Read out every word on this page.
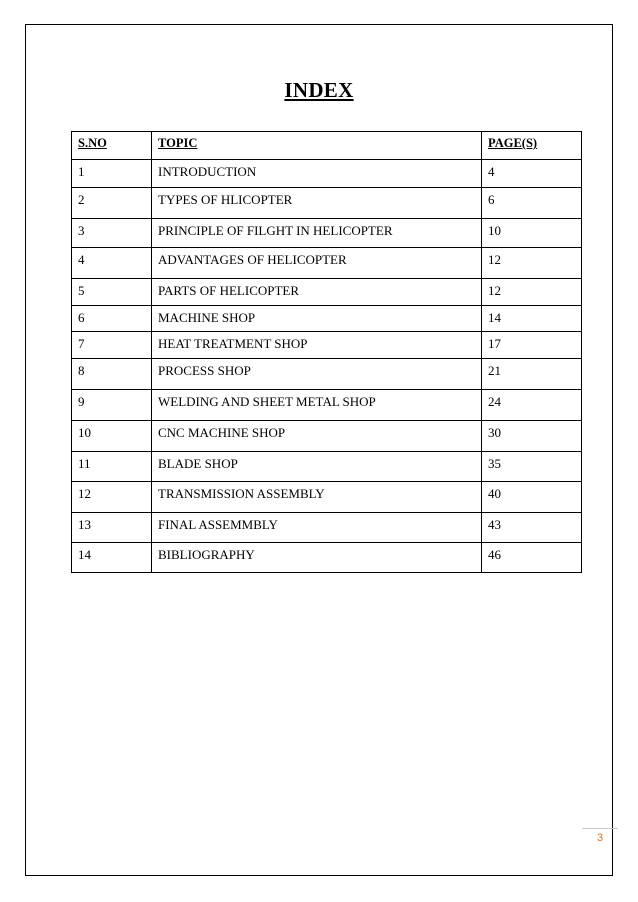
INDEX
S.NO	TOPIC	PAGE(S)
1	INTRODUCTION	4
2	TYPES OF HLICOPTER	6
3	PRINCIPLE OF FILGHT IN HELICOPTER	10
4	ADVANTAGES OF HELICOPTER	12
5	PARTS OF HELICOPTER	12
6	MACHINE SHOP	14
7	HEAT TREATMENT SHOP	17
8	PROCESS SHOP	21
9	WELDING AND SHEET METAL SHOP	24
10	CNC MACHINE SHOP	30
11	BLADE SHOP	35
12	TRANSMISSION ASSEMBLY	40
13	FINAL ASSEMMBLY	43
14	BIBLIOGRAPHY	46
3
